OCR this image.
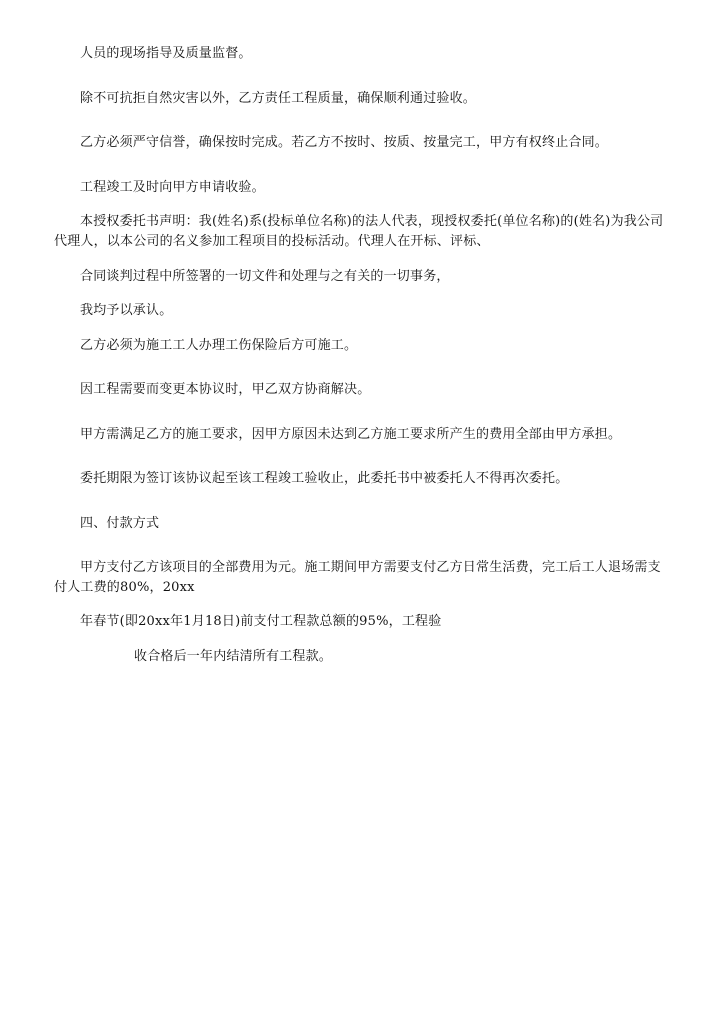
人员的现场指导及质量监督。

除不可抗拒自然灾害以外，乙方责任工程质量，确保顺利通过验收。

乙方必须严守信誉，确保按时完成。若乙方不按时、按质、按量完工，甲方有权终止合同。

工程竣工及时向甲方申请收验。

本授权委托书声明：我(姓名)系(投标单位名称)的法人代表，现授权委托(单位名称)的(姓名)为我公司代理人，以本公司的名义参加工程项目的投标活动。代理人在开标、评标、

合同谈判过程中所签署的一切文件和处理与之有关的一切事务，

我均予以承认。

乙方必须为施工工人办理工伤保险后方可施工。

因工程需要而变更本协议时，甲乙双方协商解决。

甲方需满足乙方的施工要求，因甲方原因未达到乙方施工要求所产生的费用全部由甲方承担。

委托期限为签订该协议起至该工程竣工验收止，此委托书中被委托人不得再次委托。

四、付款方式

甲方支付乙方该项目的全部费用为元。施工期间甲方需要支付乙方日常生活费，完工后工人退场需支付人工费的80%，20xx

年春节(即20xx年1月18日)前支付工程款总额的95%，工程验

收合格后一年内结清所有工程款。
